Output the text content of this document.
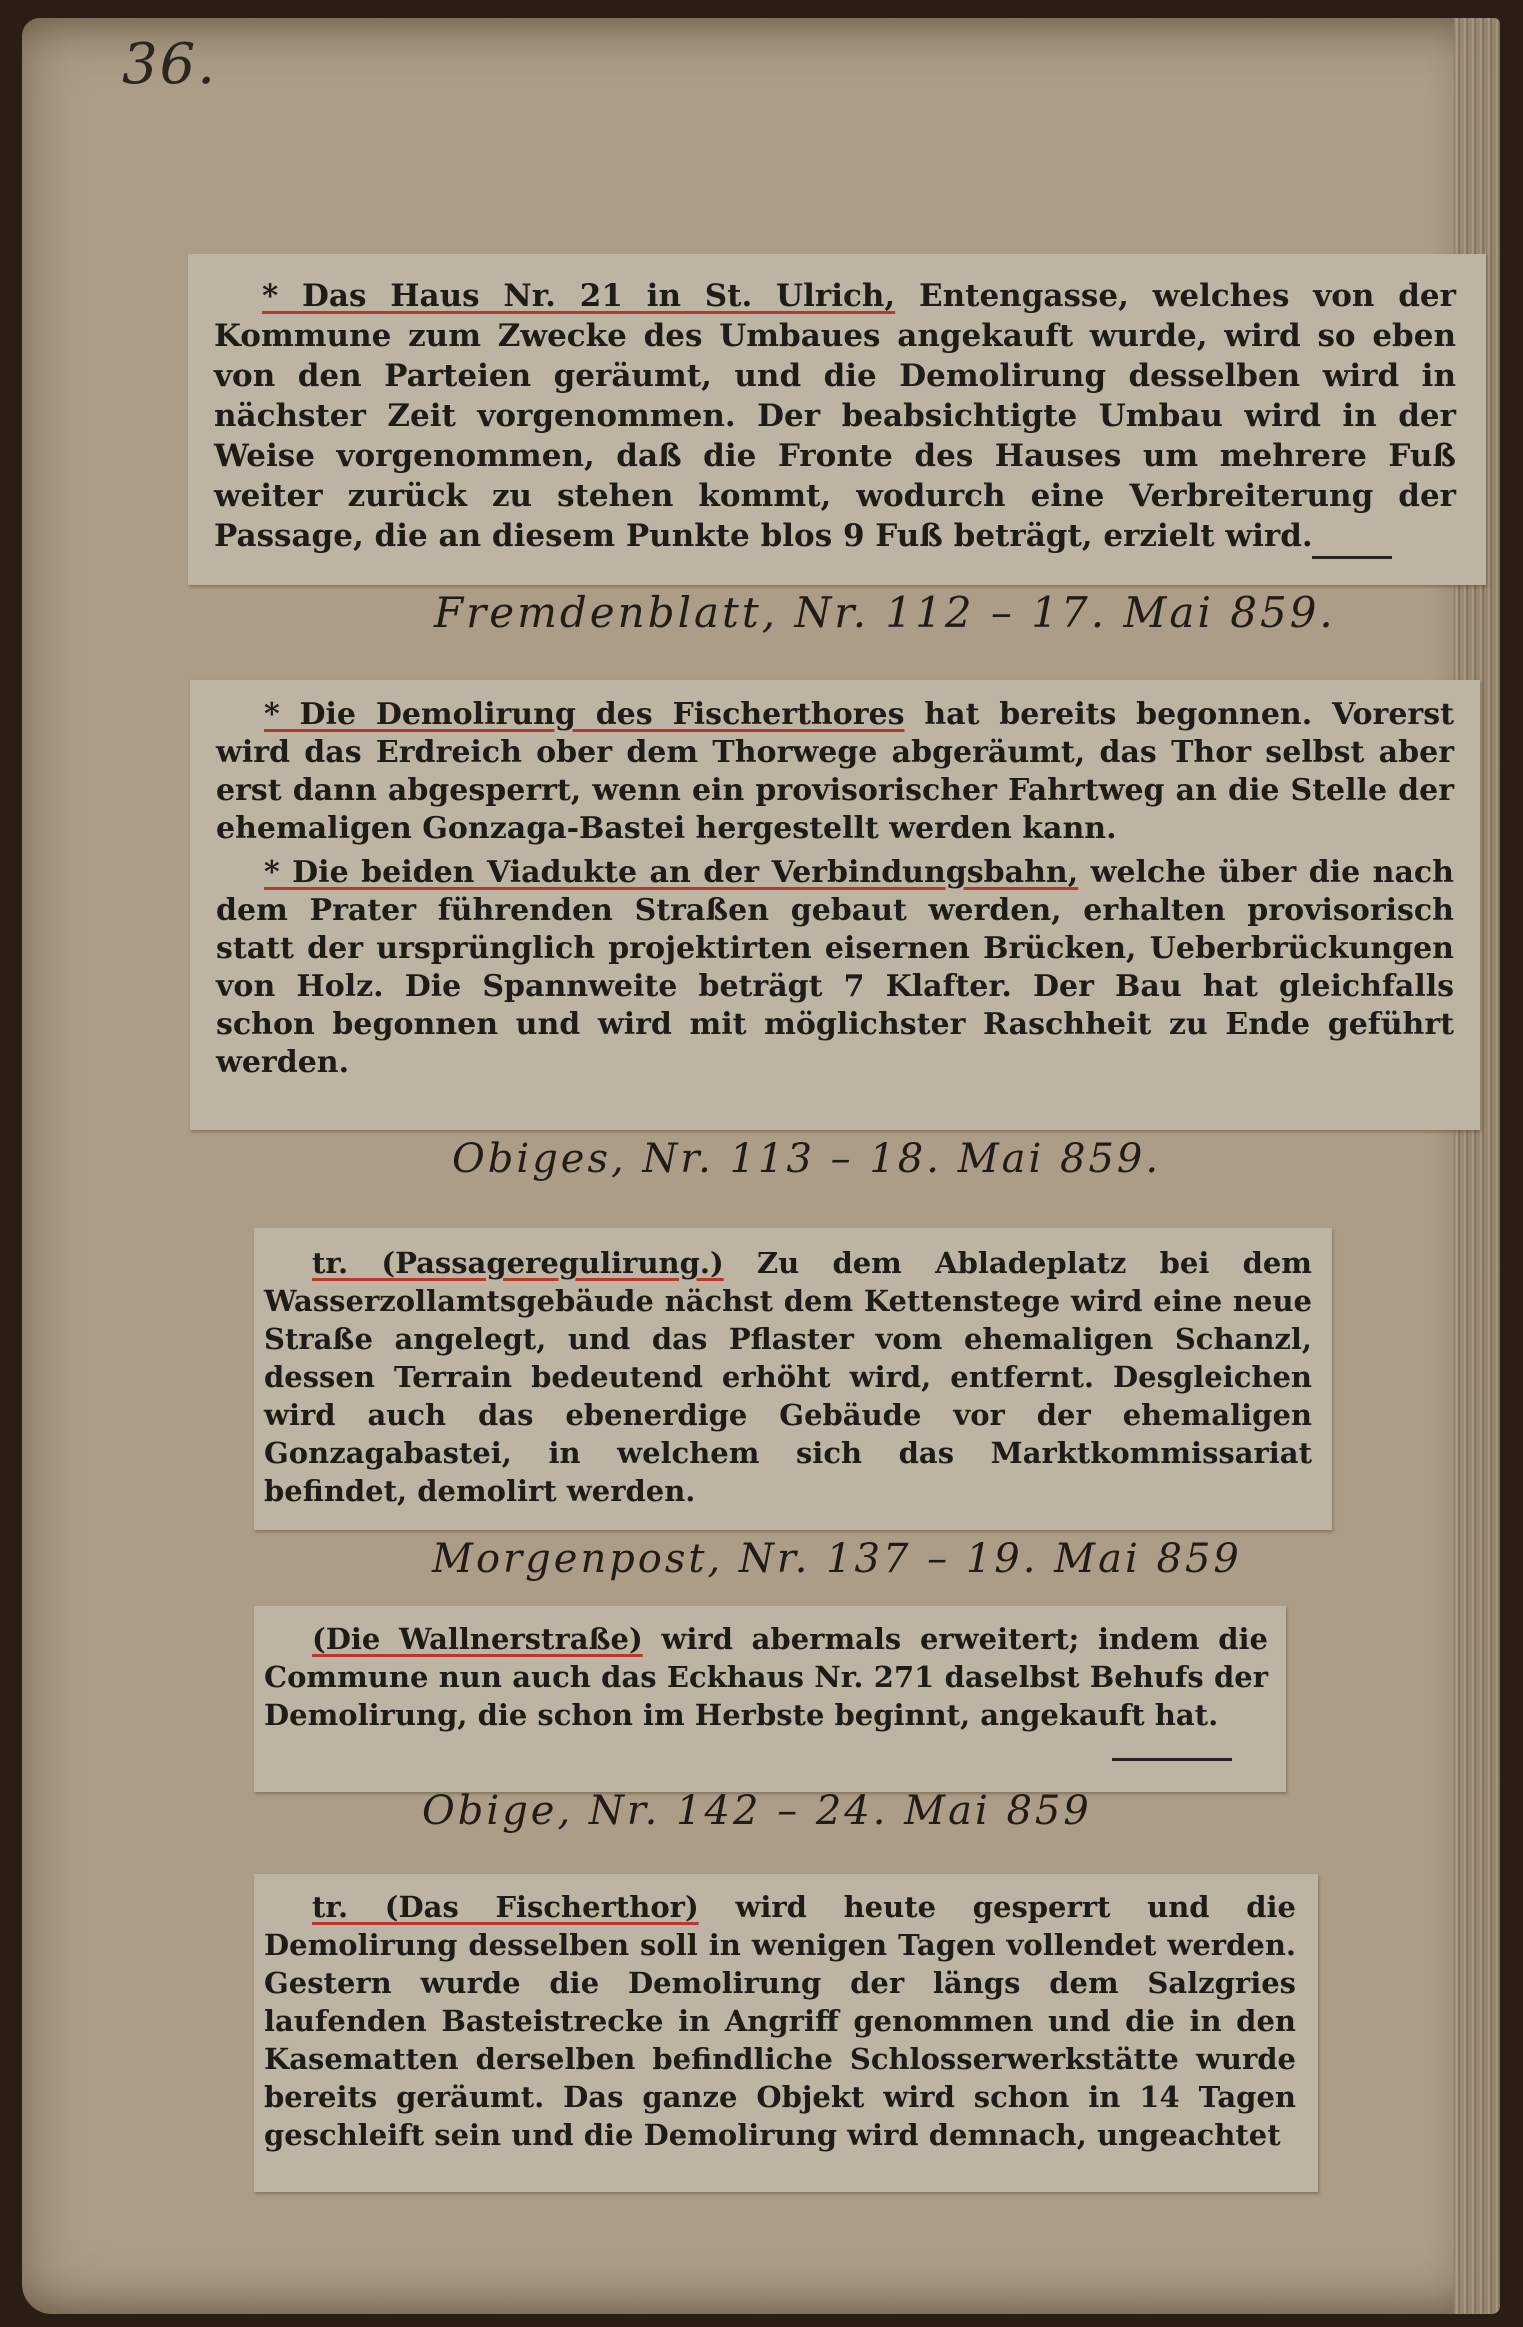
36.

* Das Haus Nr. 21 in St. Ulrich, Entengasse, welches von der Kommune zum Zwecke des Umbaues angekauft wurde, wird so eben von den Parteien geräumt, und die Demolirung desselben wird in nächster Zeit vorgenommen. Der beabsichtigte Umbau wird in der Weise vorgenommen, daß die Fronte des Hauses um mehrere Fuß weiter zurück zu stehen kommt, wodurch eine Verbreiterung der Passage, die an diesem Punkte blos 9 Fuß beträgt, erzielt wird.

Fremdenblatt, Nr. 112 – 17. Mai 859.

* Die Demolirung des Fischerthores hat bereits begonnen. Vorerst wird das Erdreich ober dem Thorwege abgeräumt, das Thor selbst aber erst dann abgesperrt, wenn ein provisorischer Fahrtweg an die Stelle der ehemaligen Gonzaga-Bastei hergestellt werden kann.

* Die beiden Viadukte an der Verbindungsbahn, welche über die nach dem Prater führenden Straßen gebaut werden, erhalten provisorisch statt der ursprünglich projektirten eisernen Brücken, Ueberbrückungen von Holz. Die Spannweite beträgt 7 Klafter. Der Bau hat gleichfalls schon begonnen und wird mit möglichster Raschheit zu Ende geführt werden.

Obiges, Nr. 113 – 18. Mai 859.

tr. (Passageregulirung.) Zu dem Abladeplatz bei dem Wasserzollamtsgebäude nächst dem Kettenstege wird eine neue Straße angelegt, und das Pflaster vom ehemaligen Schanzl, dessen Terrain bedeutend erhöht wird, entfernt. Desgleichen wird auch das ebenerdige Gebäude vor der ehemaligen Gonzagabastei, in welchem sich das Marktkommissariat befindet, demolirt werden.

Morgenpost, Nr. 137 – 19. Mai 859

(Die Wallnerstraße) wird abermals erweitert; indem die Commune nun auch das Eckhaus Nr. 271 daselbst Behufs der Demolirung, die schon im Herbste beginnt, angekauft hat.

Obige, Nr. 142 – 24. Mai 859

tr. (Das Fischerthor) wird heute gesperrt und die Demolirung desselben soll in wenigen Tagen vollendet werden. Gestern wurde die Demolirung der längs dem Salzgries laufenden Basteistrecke in Angriff genommen und die in den Kasematten derselben befindliche Schlosserwerkstätte wurde bereits geräumt. Das ganze Objekt wird schon in 14 Tagen geschleift sein und die Demolirung wird demnach, ungeachtet
